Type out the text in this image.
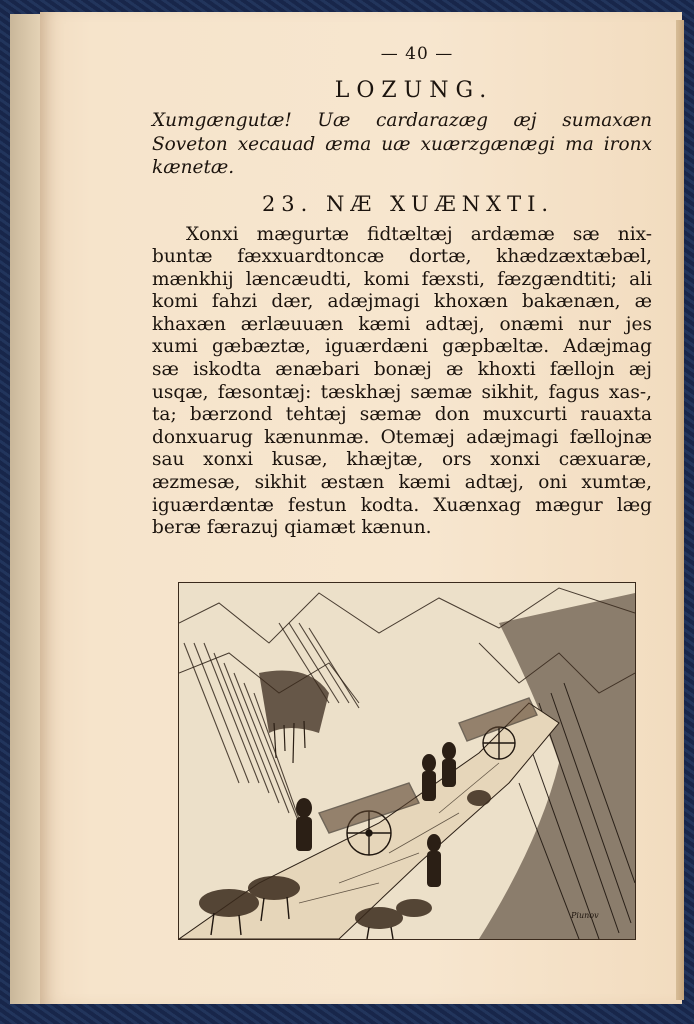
— 40 —
LOZUNG.
Xumgængutæ! Uæ cardarazæg æj sumaxæn Soveton xecauad æma uæ xuærzgænægi ma ironx kænetæ.
23. NÆ XUÆNXTI.
Xonxi mægurtæ fidtæltæj ardæmæ sæ nix-
buntæ fæxxuardtoncæ dortæ, khædzæxtæbæl,
mænkhij læncæudti, komi fæxsti, fæzgændtiti; ali
komi fahzi dær, adæjmagi khoxæn bakænæn, æ
khaxæn ærlæuuæn kæmi adtæj, onæmi nur jes
xumi gæbæztæ, iguærdæni gæpbæltæ. Adæjmag
sæ iskodta ænæbari bonæj æ khoxti fællojn æj
usqæ, fæsontæj: tæskhæj sæmæ sikhit, fagus xas-,
ta; bærzond tehtæj sæmæ don muxcurti rauaxta
donxuarug kænunmæ. Otemæj adæjmagi fællojnæ
sau xonxi kusæ, khæjtæ, ors xonxi cæxuaræ,
æzmesæ, sikhit æstæn kæmi adtæj, oni xumtæ,
iguærdæntæ festun kodta. Xuænxag mægur læg
beræ færazuj qiamæt kænun.
Piunov
